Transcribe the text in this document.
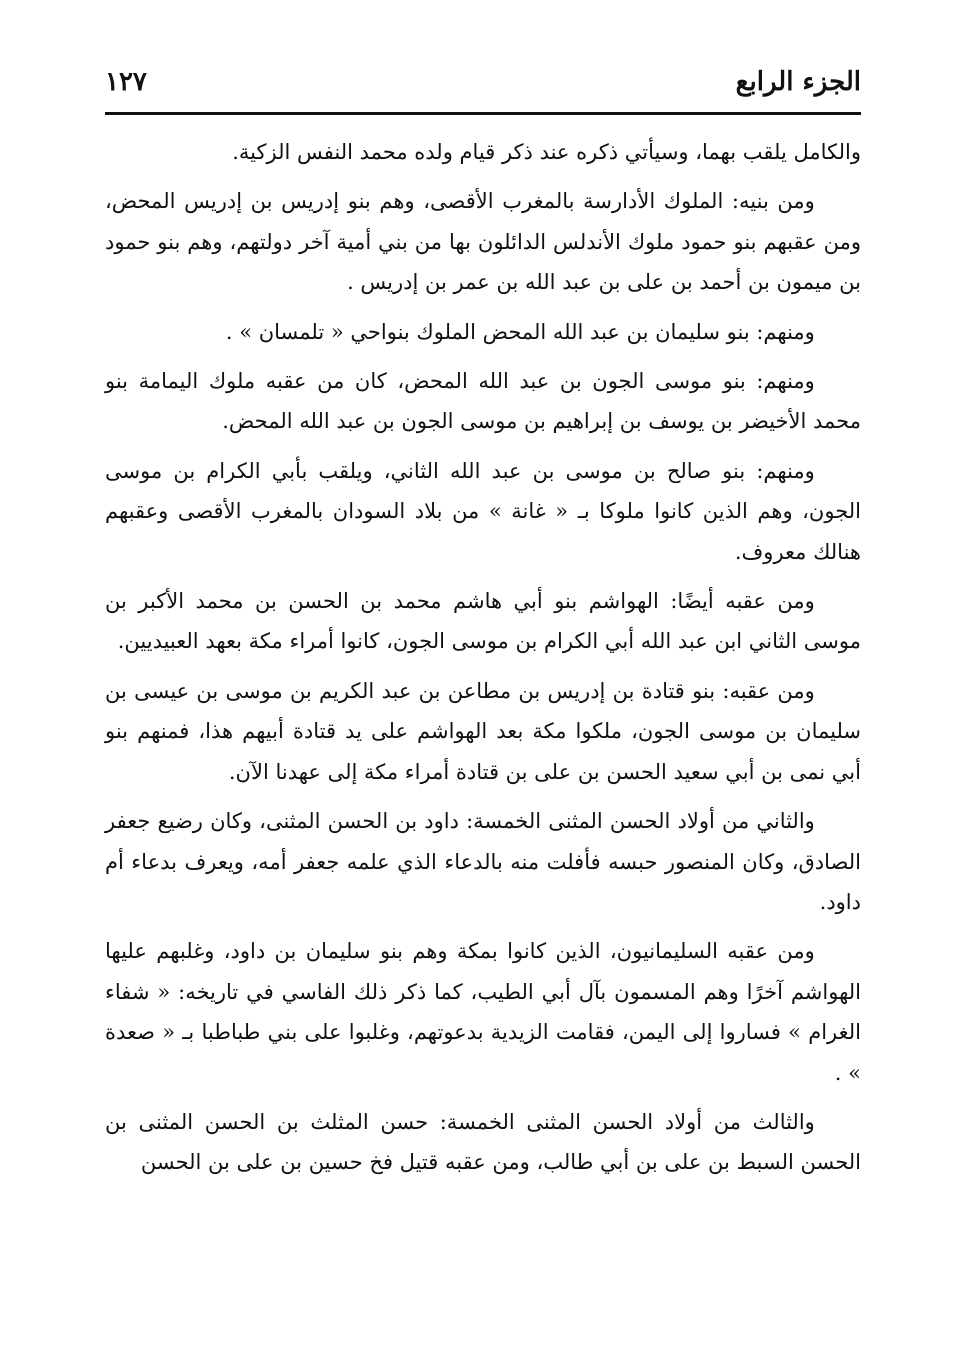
الجزء الرابع
١٢٧

والكامل يلقب بهما، وسيأتي ذكره عند ذكر قيام ولده محمد النفس الزكية.

ومن بنيه: الملوك الأدارسة بالمغرب الأقصى، وهم بنو إدريس بن إدريس المحض، ومن عقبهم بنو حمود ملوك الأندلس الدائلون بها من بني أمية آخر دولتهم، وهم بنو حمود بن ميمون بن أحمد بن على بن عبد الله بن عمر بن إدريس .

ومنهم: بنو سليمان بن عبد الله المحض الملوك بنواحي « تلمسان » .

ومنهم: بنو موسى الجون بن عبد الله المحض، كان من عقبه ملوك اليمامة بنو محمد الأخيضر بن يوسف بن إبراهيم بن موسى الجون بن عبد الله المحض.

ومنهم: بنو صالح بن موسى بن عبد الله الثاني، ويلقب بأبي الكرام بن موسى الجون، وهم الذين كانوا ملوكا بـ « غانة » من بلاد السودان بالمغرب الأقصى وعقبهم هنالك معروف.

ومن عقبه أيضًا: الهواشم بنو أبي هاشم محمد بن الحسن بن محمد الأكبر بن موسى الثاني ابن عبد الله أبي الكرام بن موسى الجون، كانوا أمراء مكة بعهد العبيديين.

ومن عقبه: بنو قتادة بن إدريس بن مطاعن بن عبد الكريم بن موسى بن عيسى بن سليمان بن موسى الجون، ملكوا مكة بعد الهواشم على يد قتادة أبيهم هذا، فمنهم بنو أبي نمى بن أبي سعيد الحسن بن على بن قتادة أمراء مكة إلى عهدنا الآن.

والثاني من أولاد الحسن المثنى الخمسة: داود بن الحسن المثنى، وكان رضيع جعفر الصادق، وكان المنصور حبسه فأفلت منه بالدعاء الذي علمه جعفر أمه، ويعرف بدعاء أم داود.

ومن عقبه السليمانيون، الذين كانوا بمكة وهم بنو سليمان بن داود، وغلبهم عليها الهواشم آخرًا وهم المسمون بآل أبي الطيب، كما ذكر ذلك الفاسي في تاريخه: « شفاء الغرام » فساروا إلى اليمن، فقامت الزيدية بدعوتهم، وغلبوا على بني طباطبا بـ « صعدة » .

والثالث من أولاد الحسن المثنى الخمسة: حسن المثلث بن الحسن المثنى بن الحسن السبط بن على بن أبي طالب، ومن عقبه قتيل فخ حسين بن على بن الحسن
